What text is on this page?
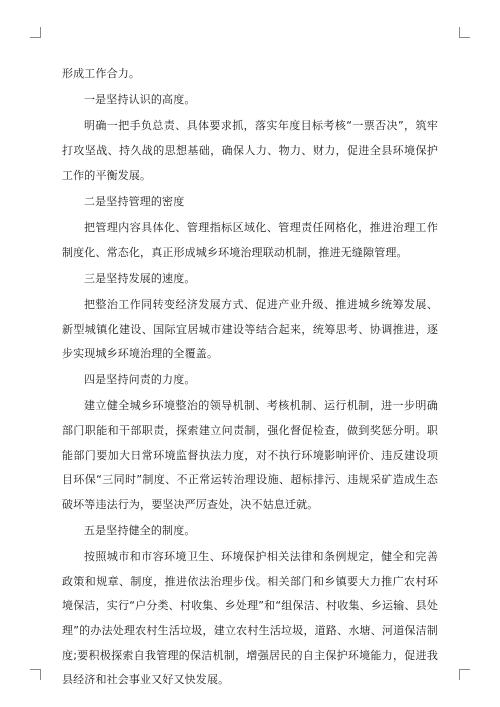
形成工作合力。

一是坚持认识的高度。

明确一把手负总责、具体要求抓，落实年度目标考核“一票否决”，筑牢打攻坚战、持久战的思想基础，确保人力、物力、财力，促进全县环境保护工作的平衡发展。

二是坚持管理的密度

把管理内容具体化、管理指标区域化、管理责任网格化，推进治理工作制度化、常态化，真正形成城乡环境治理联动机制，推进无缝隙管理。

三是坚持发展的速度。

把整治工作同转变经济发展方式、促进产业升级、推进城乡统筹发展、新型城镇化建设、国际宜居城市建设等结合起来，统筹思考、协调推进，逐步实现城乡环境治理的全覆盖。

四是坚持问责的力度。

建立健全城乡环境整治的领导机制、考核机制、运行机制，进一步明确部门职能和干部职责，探索建立问责制，强化督促检查，做到奖惩分明。职能部门要加大日常环境监督执法力度，对不执行环境影响评价、违反建设项目环保“三同时”制度、不正常运转治理设施、超标排污、违规采矿造成生态破坏等违法行为，要坚决严厉查处，决不姑息迁就。

五是坚持健全的制度。

按照城市和市容环境卫生、环境保护相关法律和条例规定，健全和完善政策和规章、制度，推进依法治理步伐。相关部门和乡镇要大力推广农村环境保洁，实行“户分类、村收集、乡处理”和“组保洁、村收集、乡运输、县处理”的办法处理农村生活垃圾，建立农村生活垃圾，道路、水塘、河道保洁制度;要积极探索自我管理的保洁机制，增强居民的自主保护环境能力，促进我县经济和社会事业又好又快发展。
